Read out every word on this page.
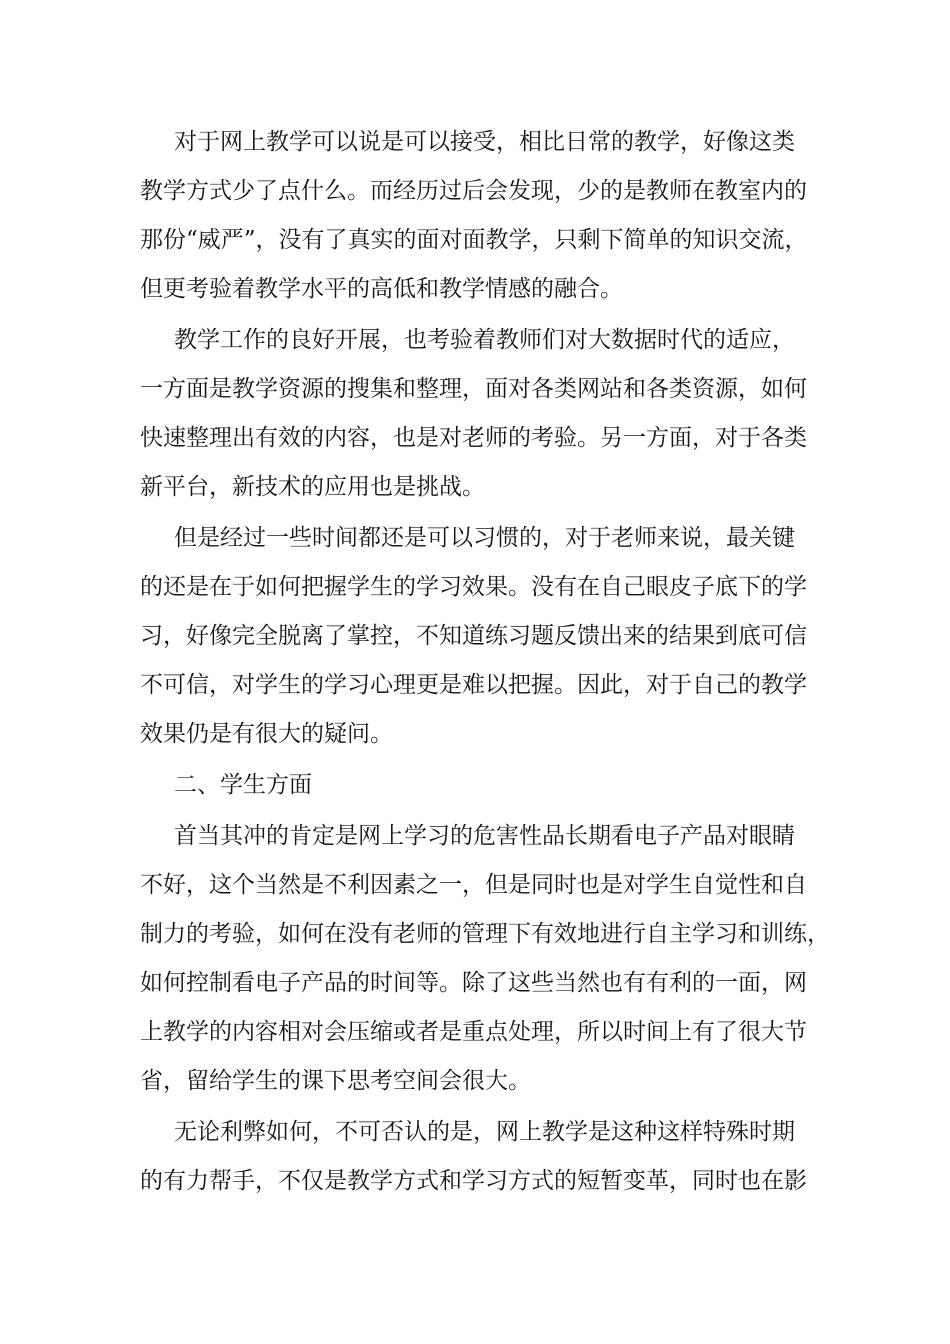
对于网上教学可以说是可以接受，相比日常的教学，好像这类
教学方式少了点什么。而经历过后会发现，少的是教师在教室内的
那份“威严”，没有了真实的面对面教学，只剩下简单的知识交流，
但更考验着教学水平的高低和教学情感的融合。
教学工作的良好开展，也考验着教师们对大数据时代的适应，
一方面是教学资源的搜集和整理，面对各类网站和各类资源，如何
快速整理出有效的内容，也是对老师的考验。另一方面，对于各类
新平台，新技术的应用也是挑战。
但是经过一些时间都还是可以习惯的，对于老师来说，最关键
的还是在于如何把握学生的学习效果。没有在自己眼皮子底下的学
习，好像完全脱离了掌控，不知道练习题反馈出来的结果到底可信
不可信，对学生的学习心理更是难以把握。因此，对于自己的教学
效果仍是有很大的疑问。
二、学生方面
首当其冲的肯定是网上学习的危害性品长期看电子产品对眼睛
不好，这个当然是不利因素之一，但是同时也是对学生自觉性和自
制力的考验，如何在没有老师的管理下有效地进行自主学习和训练，
如何控制看电子产品的时间等。除了这些当然也有有利的一面，网
上教学的内容相对会压缩或者是重点处理，所以时间上有了很大节
省，留给学生的课下思考空间会很大。
无论利弊如何，不可否认的是，网上教学是这种这样特殊时期
的有力帮手，不仅是教学方式和学习方式的短暂变革，同时也在影
